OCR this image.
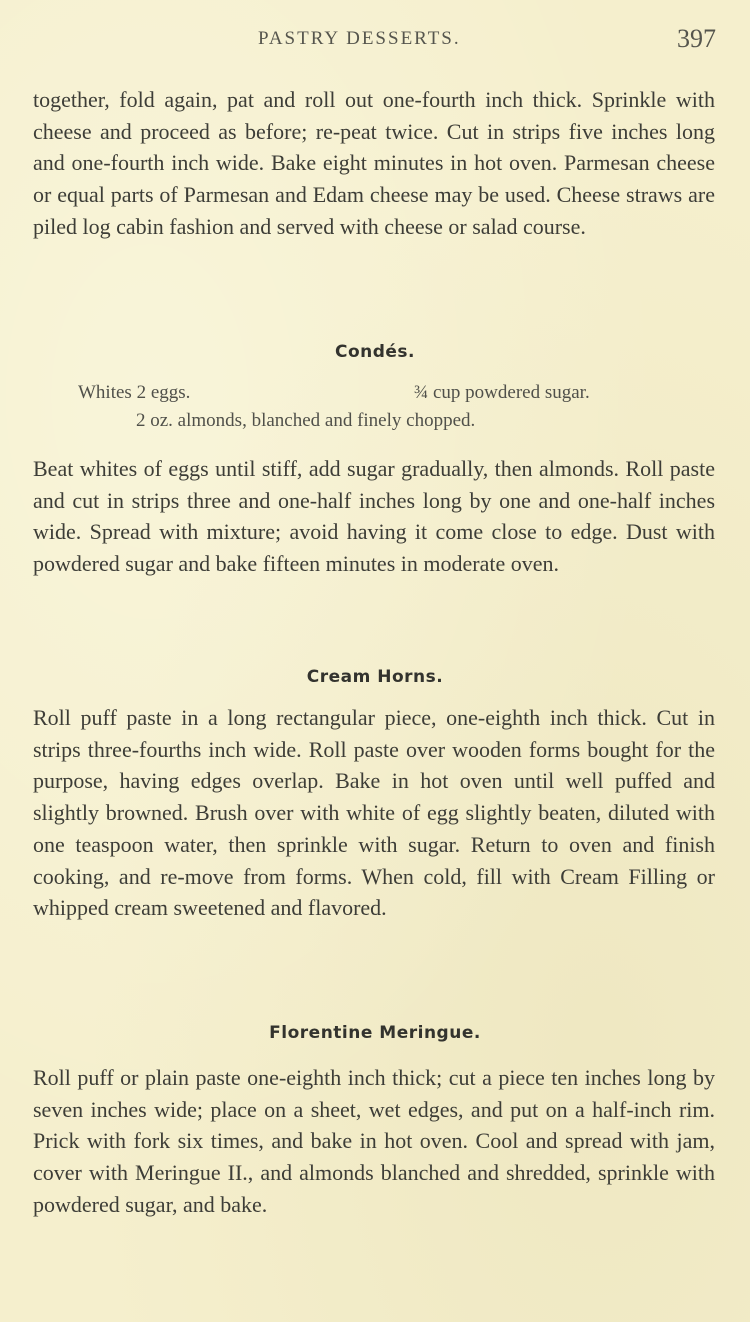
PASTRY DESSERTS.	397

together, fold again, pat and roll out one-fourth inch thick. Sprinkle with cheese and proceed as before; re-peat twice. Cut in strips five inches long and one-fourth inch wide. Bake eight minutes in hot oven. Parmesan cheese or equal parts of Parmesan and Edam cheese may be used. Cheese straws are piled log cabin fashion and served with cheese or salad course.

Condés.
Whites 2 eggs.	¾ cup powdered sugar.
2 oz. almonds, blanched and finely chopped.

Beat whites of eggs until stiff, add sugar gradually, then almonds. Roll paste and cut in strips three and one-half inches long by one and one-half inches wide. Spread with mixture; avoid having it come close to edge. Dust with powdered sugar and bake fifteen minutes in moderate oven.

Cream Horns.

Roll puff paste in a long rectangular piece, one-eighth inch thick. Cut in strips three-fourths inch wide. Roll paste over wooden forms bought for the purpose, having edges overlap. Bake in hot oven until well puffed and slightly browned. Brush over with white of egg slightly beaten, diluted with one teaspoon water, then sprinkle with sugar. Return to oven and finish cooking, and re-move from forms. When cold, fill with Cream Filling or whipped cream sweetened and flavored.

Florentine Meringue.

Roll puff or plain paste one-eighth inch thick; cut a piece ten inches long by seven inches wide; place on a sheet, wet edges, and put on a half-inch rim. Prick with fork six times, and bake in hot oven. Cool and spread with jam, cover with Meringue II., and almonds blanched and shredded, sprinkle with powdered sugar, and bake.
